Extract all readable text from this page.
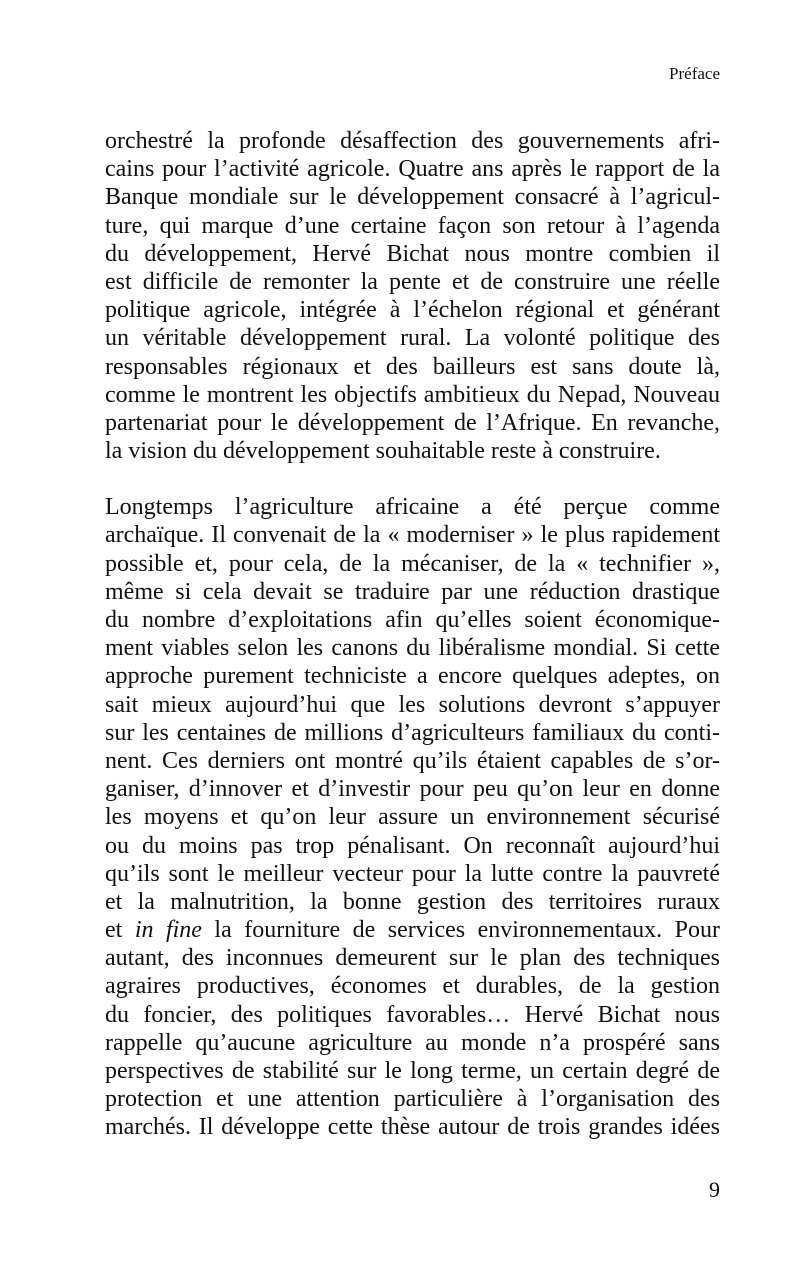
Préface
orchestré la profonde désaffection des gouvernements afri-
cains pour l’activité agricole. Quatre ans après le rapport de la
Banque mondiale sur le développement consacré à l’agricul-
ture, qui marque d’une certaine façon son retour à l’agenda
du développement, Hervé Bichat nous montre combien il
est difficile de remonter la pente et de construire une réelle
politique agricole, intégrée à l’échelon régional et générant
un véritable développement rural. La volonté politique des
responsables régionaux et des bailleurs est sans doute là,
comme le montrent les objectifs ambitieux du Nepad, Nouveau
partenariat pour le développement de l’Afrique. En revanche,
la vision du développement souhaitable reste à construire.
Longtemps l’agriculture africaine a été perçue comme
archaïque. Il convenait de la « moderniser » le plus rapidement
possible et, pour cela, de la mécaniser, de la « technifier »,
même si cela devait se traduire par une réduction drastique
du nombre d’exploitations afin qu’elles soient économique-
ment viables selon les canons du libéralisme mondial. Si cette
approche purement techniciste a encore quelques adeptes, on
sait mieux aujourd’hui que les solutions devront s’appuyer
sur les centaines de millions d’agriculteurs familiaux du conti-
nent. Ces derniers ont montré qu’ils étaient capables de s’or-
ganiser, d’innover et d’investir pour peu qu’on leur en donne
les moyens et qu’on leur assure un environnement sécurisé
ou du moins pas trop pénalisant. On reconnaît aujourd’hui
qu’ils sont le meilleur vecteur pour la lutte contre la pauvreté
et la malnutrition, la bonne gestion des territoires ruraux
et in fine la fourniture de services environnementaux. Pour
autant, des inconnues demeurent sur le plan des techniques
agraires productives, économes et durables, de la gestion
du foncier, des politiques favorables… Hervé Bichat nous
rappelle qu’aucune agriculture au monde n’a prospéré sans
perspectives de stabilité sur le long terme, un certain degré de
protection et une attention particulière à l’organisation des
marchés. Il développe cette thèse autour de trois grandes idées
9
